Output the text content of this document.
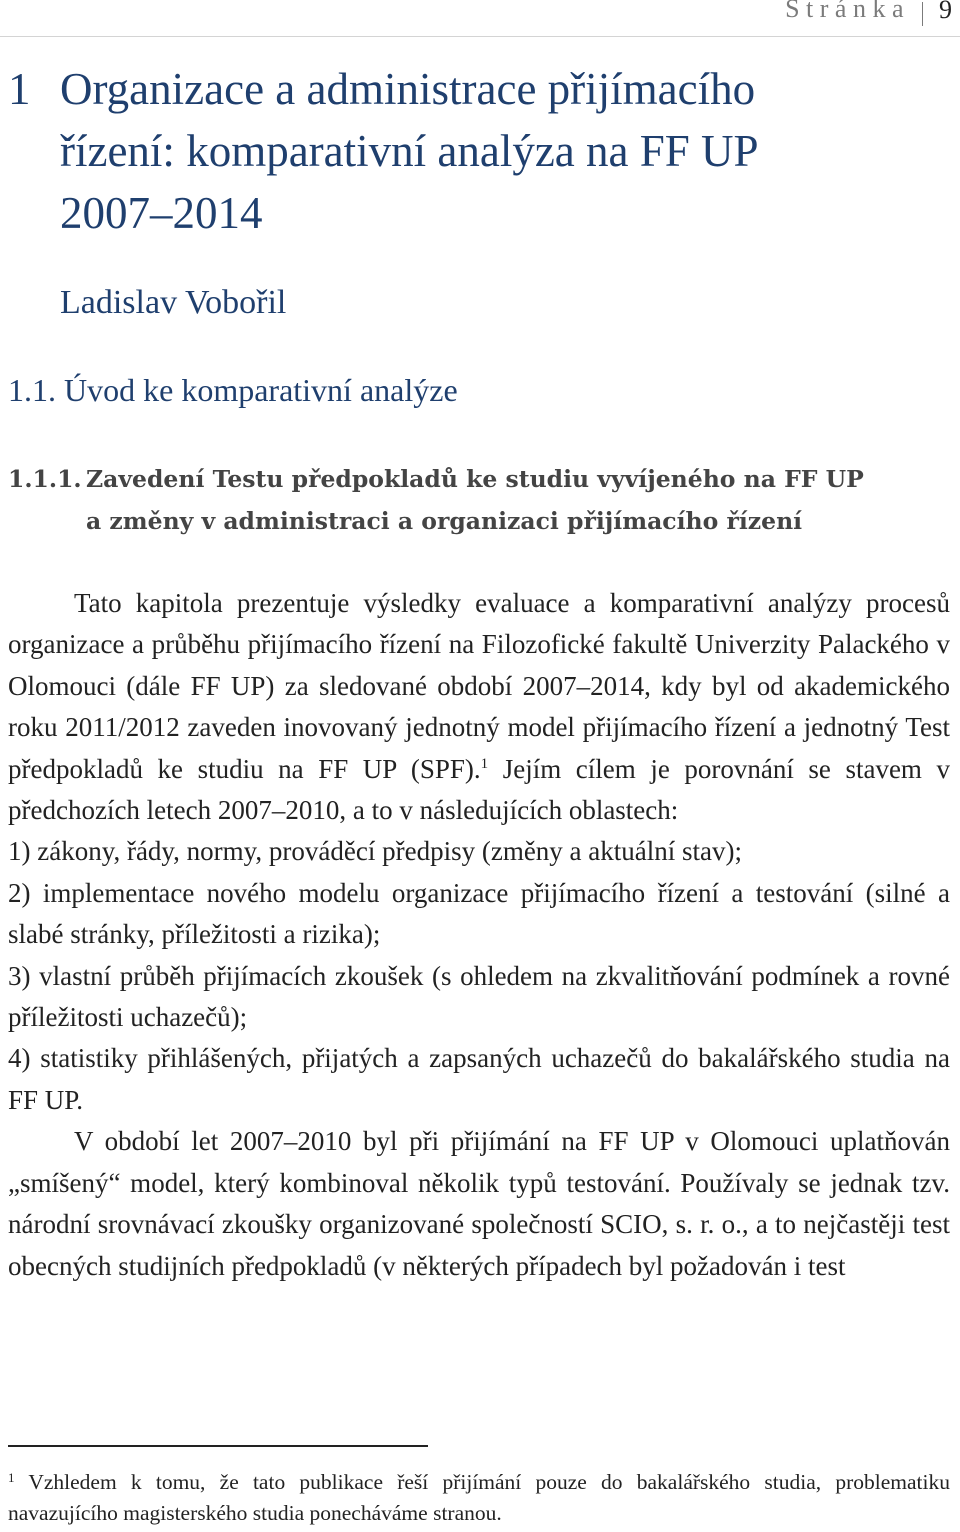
Stránka 9
1 Organizace a administrace přijímacího
řízení: komparativní analýza na FF UP
2007–2014
Ladislav Vobořil
1.1. Úvod ke komparativní analýze
1.1.1. Zavedení Testu předpokladů ke studiu vyvíjeného na FF UP
a změny v administraci a organizaci přijímacího řízení

Tato kapitola prezentuje výsledky evaluace a komparativní analýzy procesů organizace a průběhu přijímacího řízení na Filozofické fakultě Univerzity Palackého v Olomouci (dále FF UP) za sledované období 2007–2014, kdy byl od akademického roku 2011/2012 zaveden inovovaný jednotný model přijímacího řízení a jednotný Test předpokladů ke studiu na FF UP (SPF).$^1$ Jejím cílem je porovnání se stavem v předchozích letech 2007–2010, a to v následujících oblastech:

1) zákony, řády, normy, prováděcí předpisy (změny a aktuální stav);

2) implementace nového modelu organizace přijímacího řízení a testování (silné a slabé stránky, příležitosti a rizika);

3) vlastní průběh přijímacích zkoušek (s ohledem na zkvalitňování podmínek a rovné příležitosti uchazečů);

4) statistiky přihlášených, přijatých a zapsaných uchazečů do bakalářského studia na FF UP.

V období let 2007–2010 byl při přijímání na FF UP v Olomouci uplatňován „smíšený“ model, který kombinoval několik typů testování. Používaly se jednak tzv. národní srovnávací zkoušky organizované společností SCIO, s. r. o., a to nejčastěji test obecných studijních předpokladů (v některých případech byl požadován i test

$^1$ Vzhledem k tomu, že tato publikace řeší přijímání pouze do bakalářského studia, problematiku navazujícího magisterského studia ponecháváme stranou.
